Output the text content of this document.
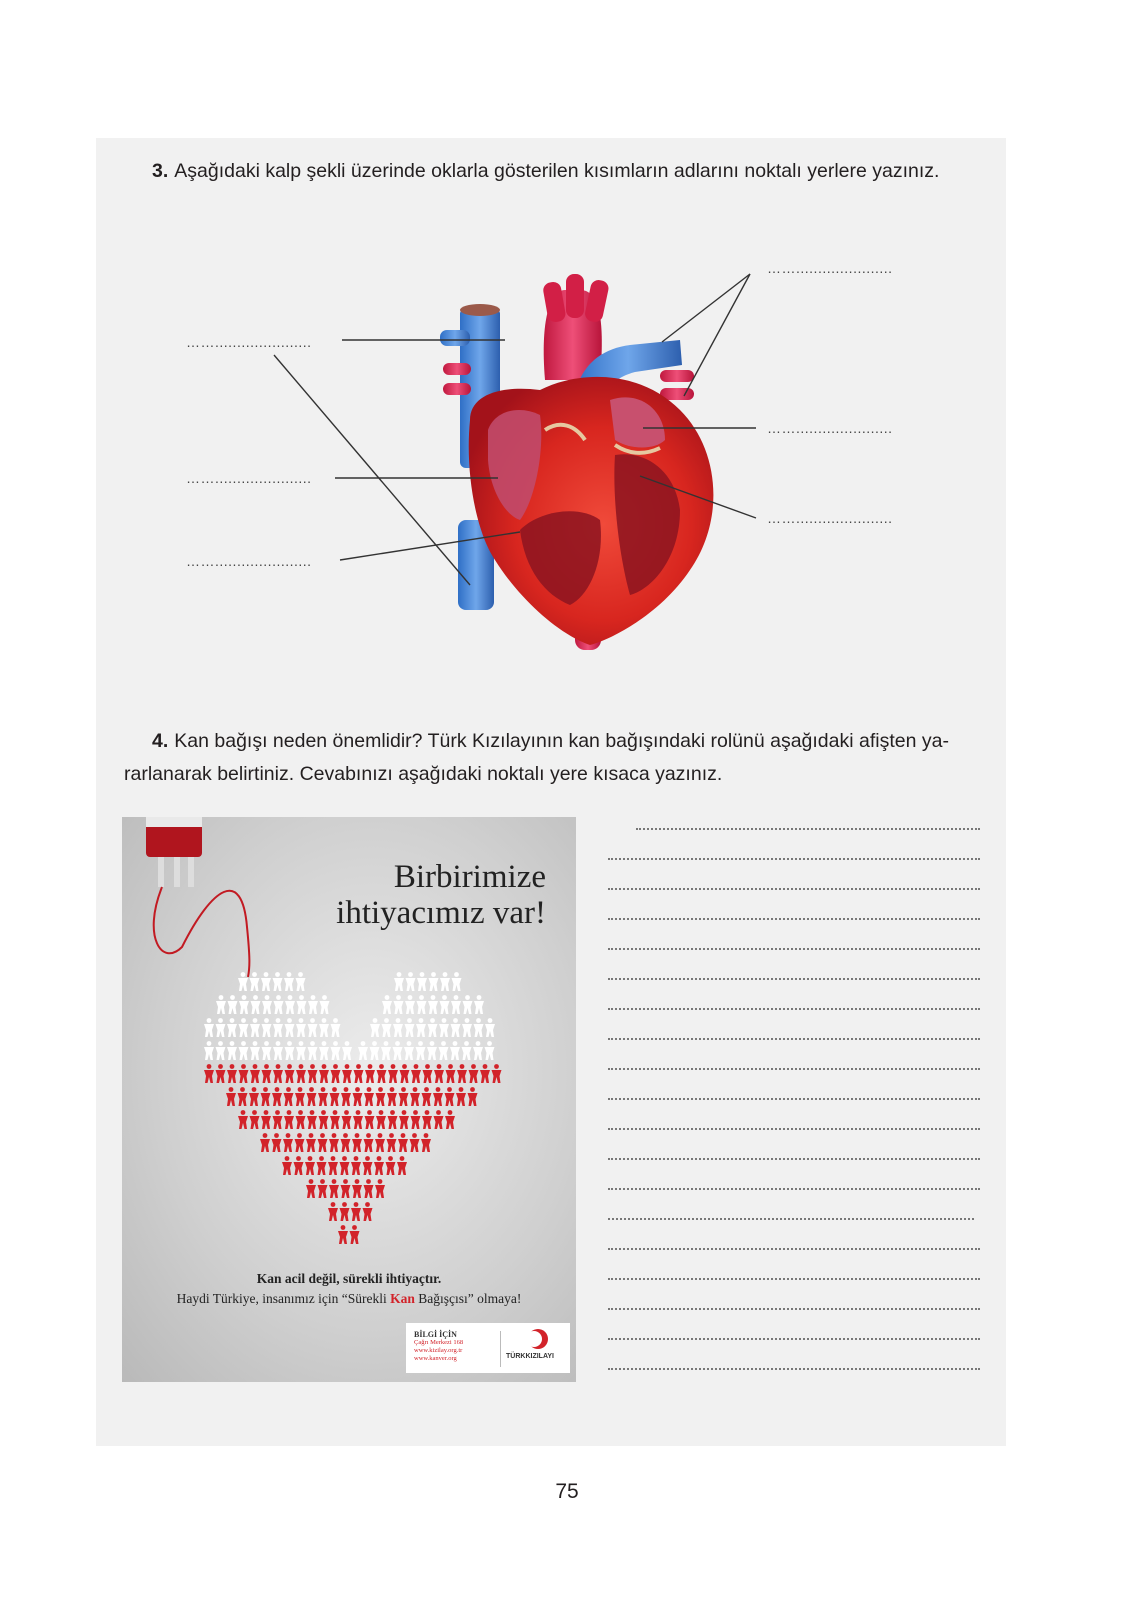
3. Aşağıdaki kalp şekli üzerinde oklarla gösterilen kısımların adlarını noktalı yerlere yazınız.
……......................
……......................
……......................
……......................
……......................
……......................
4. Kan bağışı neden önemlidir? Türk Kızılayının kan bağışındaki rolünü aşağıdaki afişten ya-
rarlanarak belirtiniz. Cevabınızı aşağıdaki noktalı yere kısaca yazınız.
Birbirimize
ihtiyacımız var!
Kan acil değil, sürekli ihtiyaçtır.
Haydi Türkiye, insanımız için “Sürekli Kan Bağışçısı” olmaya!
BİLGİ İÇİN
Çağrı Merkezi 168
www.kizilay.org.tr
www.kanver.org	TÜRKKIZILAYI
75
